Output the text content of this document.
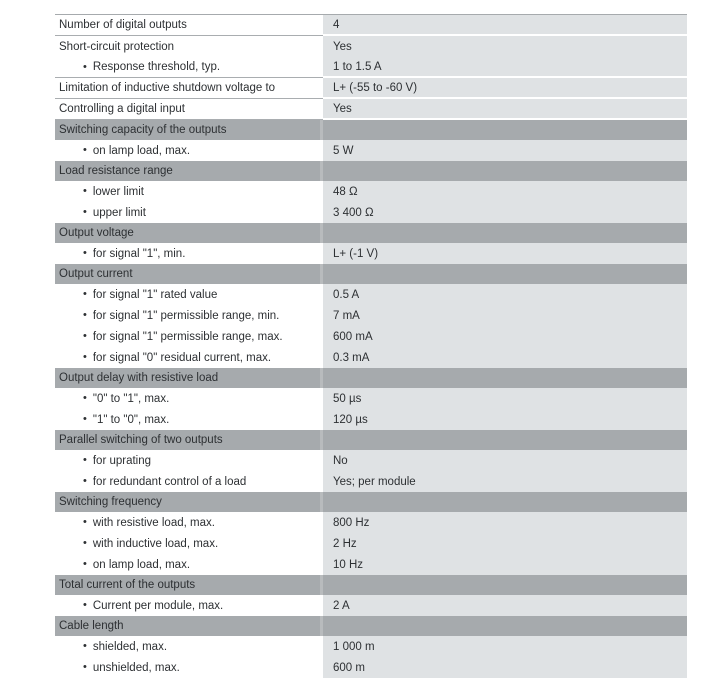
Number of digital outputs	4
Short-circuit protection	Yes
• Response threshold, typ.	1 to 1.5 A
Limitation of inductive shutdown voltage to	L+ (-55 to -60 V)
Controlling a digital input	Yes
Switching capacity of the outputs
• on lamp load, max.	5 W
Load resistance range
• lower limit	48 Ω
• upper limit	3 400 Ω
Output voltage
• for signal "1", min.	L+ (-1 V)
Output current
• for signal "1" rated value	0.5 A
• for signal "1" permissible range, min.	7 mA
• for signal "1" permissible range, max.	600 mA
• for signal "0" residual current, max.	0.3 mA
Output delay with resistive load
• "0" to "1", max.	50 µs
• "1" to "0", max.	120 µs
Parallel switching of two outputs
• for uprating	No
• for redundant control of a load	Yes; per module
Switching frequency
• with resistive load, max.	800 Hz
• with inductive load, max.	2 Hz
• on lamp load, max.	10 Hz
Total current of the outputs
• Current per module, max.	2 A
Cable length
• shielded, max.	1 000 m
• unshielded, max.	600 m
